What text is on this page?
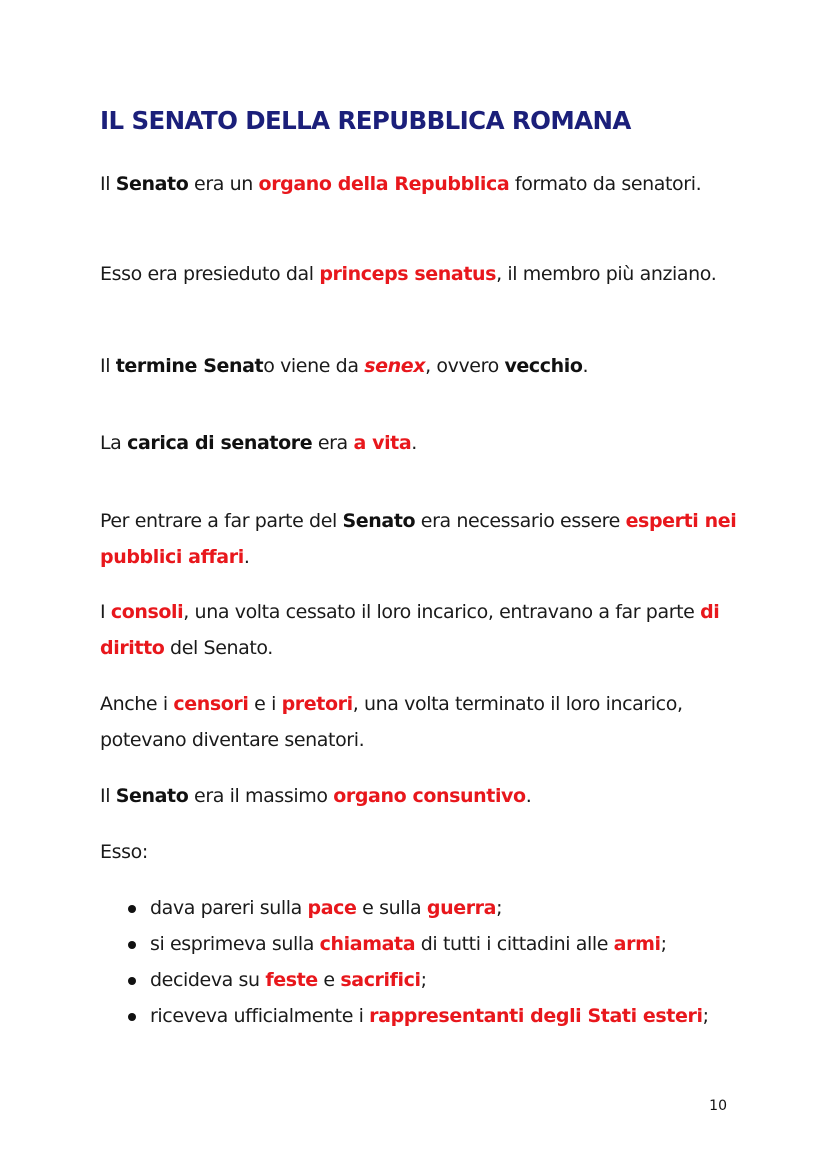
IL SENATO DELLA REPUBBLICA ROMANA

Il Senato era un organo della Repubblica formato da senatori.

Esso era presieduto dal princeps senatus, il membro più anziano.

Il termine Senato viene da senex, ovvero vecchio.

La carica di senatore era a vita.

Per entrare a far parte del Senato era necessario essere esperti nei pubblici affari.

I consoli, una volta cessato il loro incarico, entravano a far parte di diritto del Senato.

Anche i censori e i pretori, una volta terminato il loro incarico, potevano diventare senatori.

Il Senato era il massimo organo consuntivo.

Esso:

dava pareri sulla pace e sulla guerra;
si esprimeva sulla chiamata di tutti i cittadini alle armi;
decideva su feste e sacrifici;
riceveva ufficialmente i rappresentanti degli Stati esteri;
10
